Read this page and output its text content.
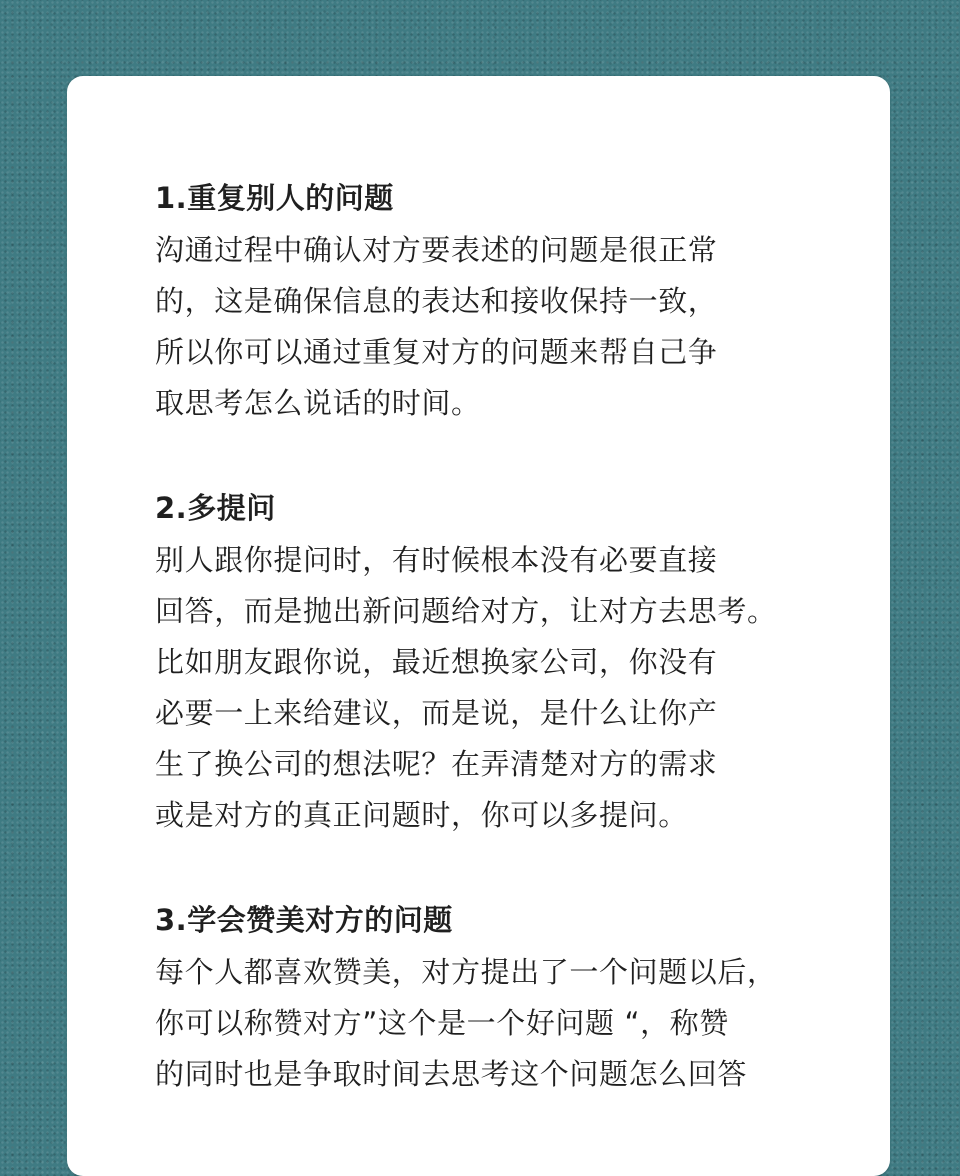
1.重复别人的问题
沟通过程中确认对方要表述的问题是很正常
的，这是确保信息的表达和接收保持一致，
所以你可以通过重复对方的问题来帮自己争
取思考怎么说话的时间。
2.多提问
别人跟你提问时，有时候根本没有必要直接
回答，而是抛出新问题给对方，让对方去思考。
比如朋友跟你说，最近想换家公司，你没有
必要一上来给建议，而是说，是什么让你产
生了换公司的想法呢？在弄清楚对方的需求
或是对方的真正问题时，你可以多提问。
3.学会赞美对方的问题
每个人都喜欢赞美，对方提出了一个问题以后，
你可以称赞对方”这个是一个好问题 “，称赞
的同时也是争取时间去思考这个问题怎么回答
